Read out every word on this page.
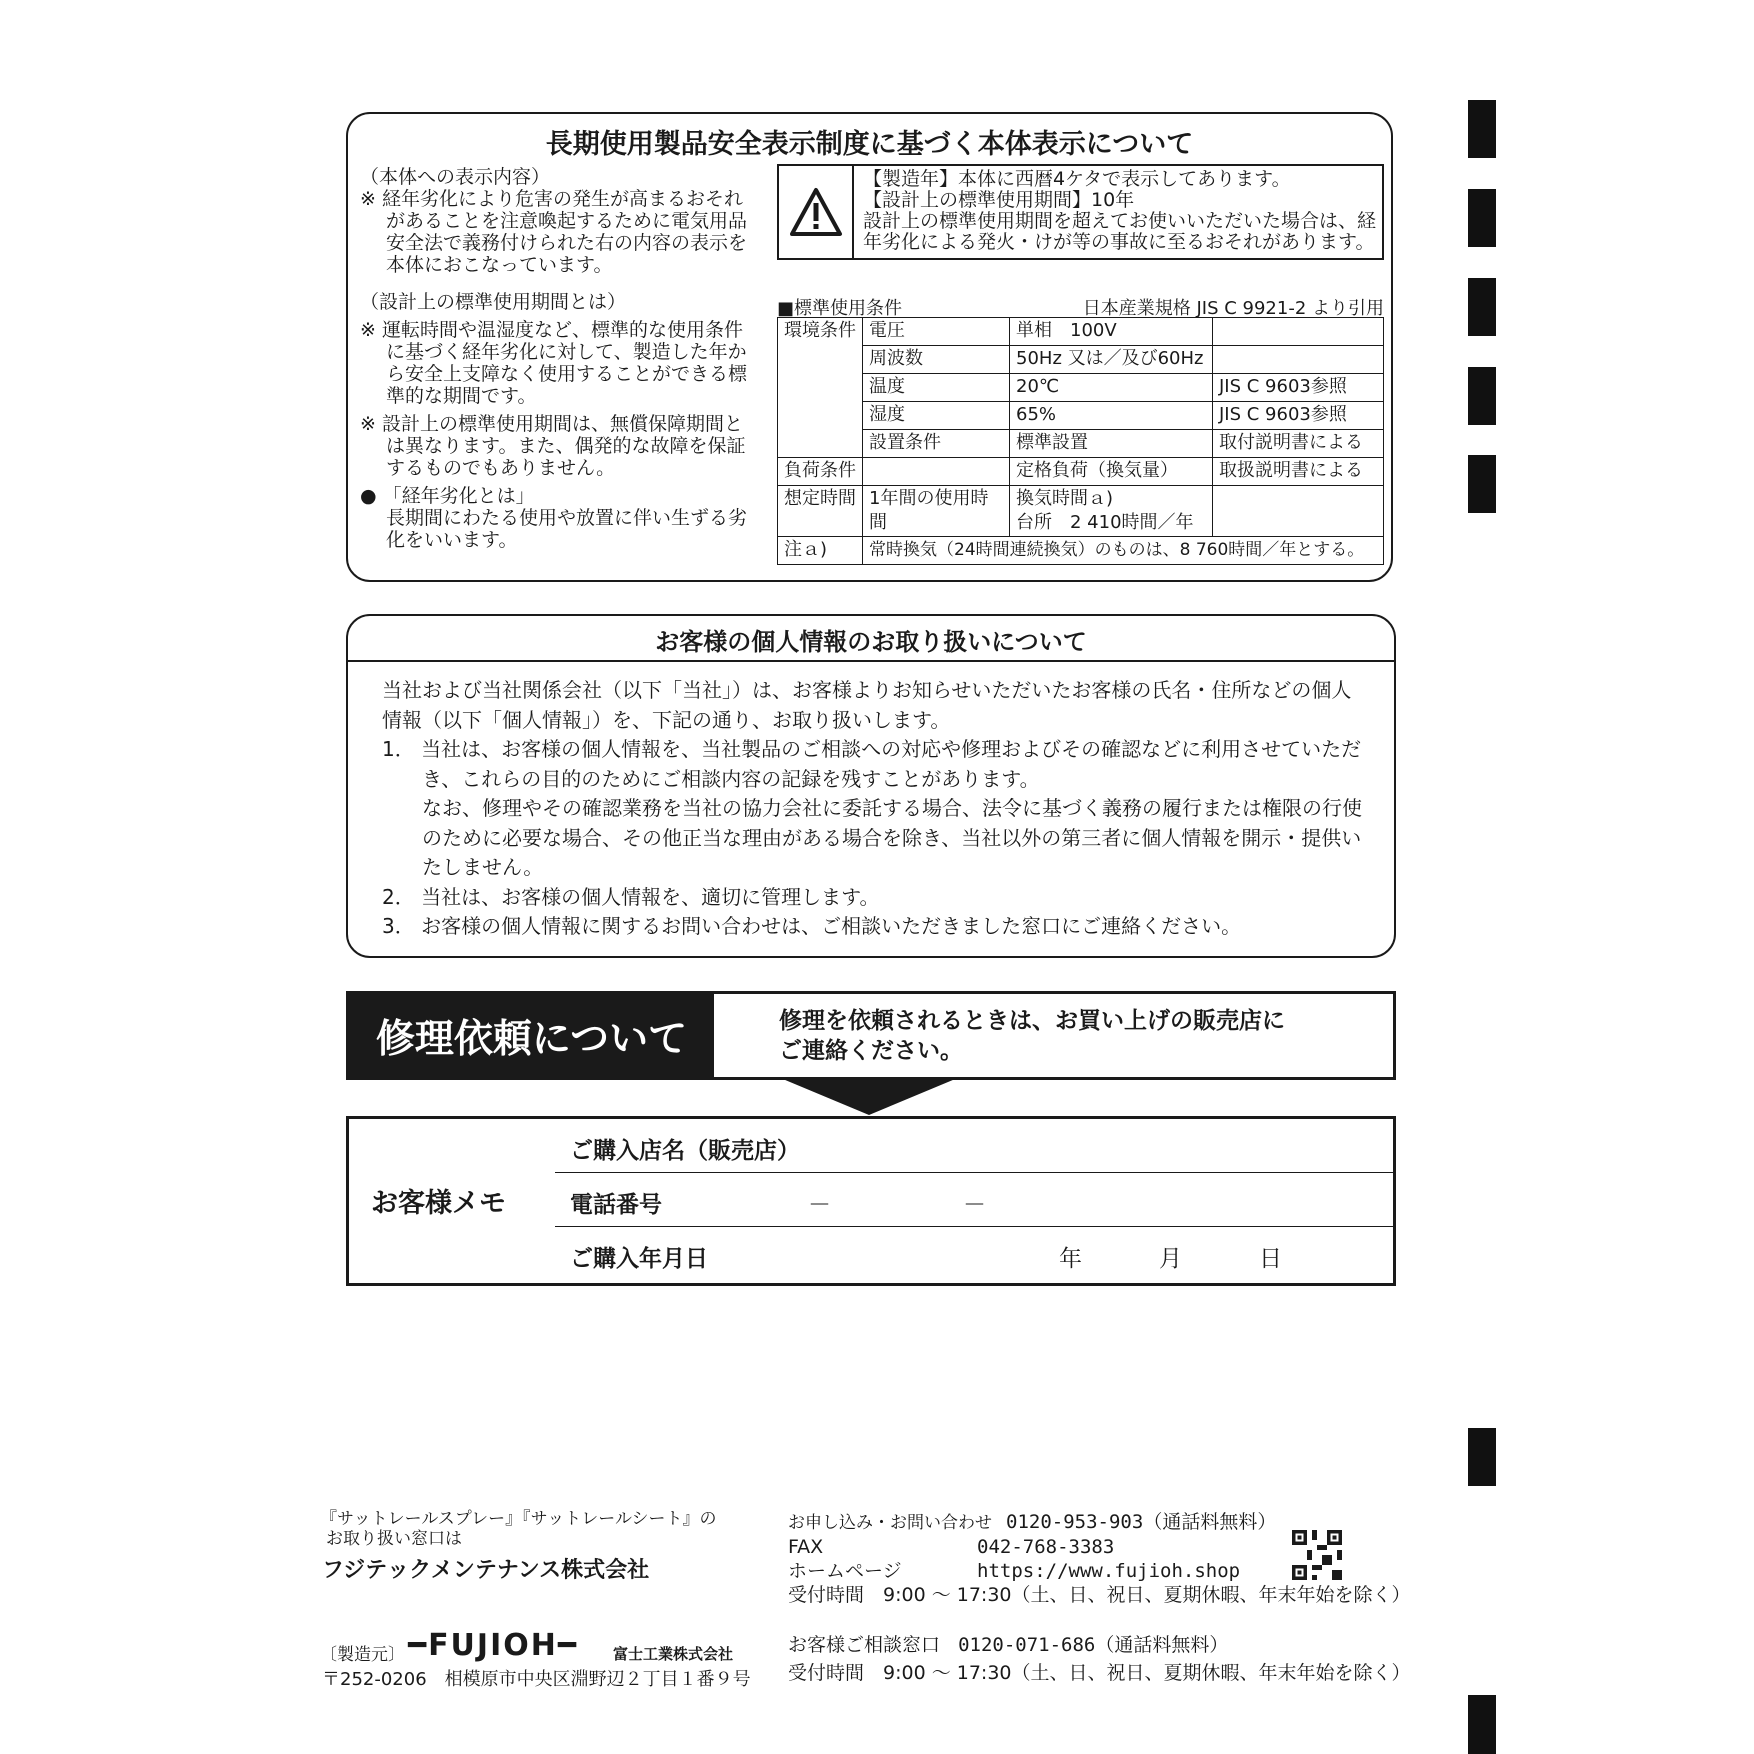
長期使用製品安全表示制度に基づく本体表示について

（本体への表示内容）

※ 経年劣化により危害の発生が高まるおそれがあることを注意喚起するために電気用品安全法で義務付けられた右の内容の表示を本体におこなっています。

（設計上の標準使用期間とは）

※ 運転時間や温湿度など、標準的な使用条件に基づく経年劣化に対して、製造した年から安全上支障なく使用することができる標準的な期間です。

※ 設計上の標準使用期間は、無償保障期間とは異なります。また、偶発的な故障を保証するものでもありません。

● 「経年劣化とは」
長期間にわたる使用や放置に伴い生ずる劣化をいいます。

【製造年】本体に西暦4ケタで表示してあります。
【設計上の標準使用期間】10年
設計上の標準使用期間を超えてお使いいただいた場合は、経年劣化による発火・けが等の事故に至るおそれがあります。
■標準使用条件	日本産業規格 JIS C 9921-2 より引用
環境条件	電圧	単相　100V	
	周波数	50Hz 又は／及び60Hz	
	温度	20℃	JIS C 9603参照
	湿度	65%	JIS C 9603参照
	設置条件	標準設置	取付説明書による
負荷条件		定格負荷（換気量）	取扱説明書による
想定時間	1年間の使用時間	換気時間ａ)
台所　2 410時間／年	

注ａ)	常時換気（24時間連続換気）のものは、8 760時間／年とする。		
お客様の個人情報のお取り扱いについて

当社および当社関係会社（以下「当社」）は、お客様よりお知らせいただいたお客様の氏名・住所などの個人情報（以下「個人情報」）を、下記の通り、お取り扱いします。

1． 当社は、お客様の個人情報を、当社製品のご相談への対応や修理およびその確認などに利用させていただき、これらの目的のためにご相談内容の記録を残すことがあります。

なお、修理やその確認業務を当社の協力会社に委託する場合、法令に基づく義務の履行または権限の行使のために必要な場合、その他正当な理由がある場合を除き、当社以外の第三者に個人情報を開示・提供いたしません。

2． 当社は、お客様の個人情報を、適切に管理します。

3． お客様の個人情報に関するお問い合わせは、ご相談いただきました窓口にご連絡ください。

修理依頼について	修理を依頼されるときは、お買い上げの販売店に
ご連絡ください。
お客様メモ
ご購入店名（販売店）
電話番号	－	－
ご購入年月日	年	月	日
『サットレールスプレー』『サットレールシート』の
お取り扱い窓口は
フジテックメンテナンス株式会社
お申し込み・お問い合わせ 0120-953-903（通話料無料）
FAX	042-768-3383
ホームページ	https://www.fujioh.shop
受付時間　9:00 ～ 17:30（土、日、祝日、夏期休暇、年末年始を除く）
〔製造元〕 ━FUJIOH━ 富士工業株式会社
〒252-0206　相模原市中央区淵野辺２丁目１番９号
お客様ご相談窓口 0120-071-686（通話料無料）
受付時間　9:00 ～ 17:30（土、日、祝日、夏期休暇、年末年始を除く）
